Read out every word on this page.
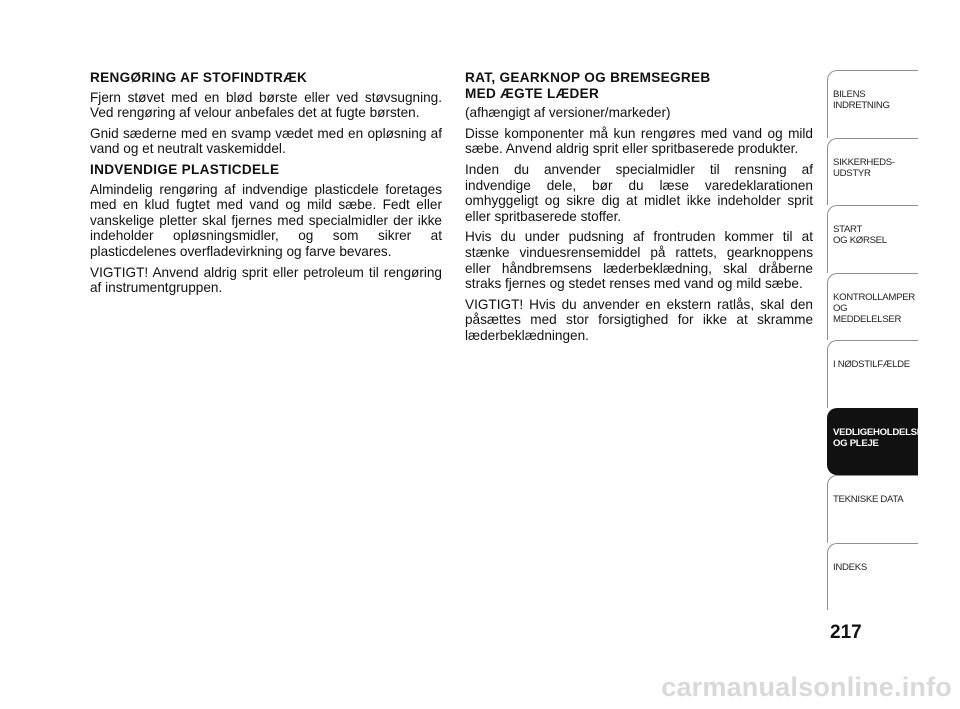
RENGØRING AF STOFINDTRÆK

Fjern støvet med en blød børste eller ved støvsugning. Ved rengøring af velour anbefales det at fugte børsten.

Gnid sæderne med en svamp vædet med en opløsning af vand og et neutralt vaskemiddel.

INDVENDIGE PLASTICDELE

Almindelig rengøring af indvendige plasticdele foretages med en klud fugtet med vand og mild sæbe. Fedt eller vanskelige pletter skal fjernes med specialmidler der ikke indeholder opløsningsmidler, og som sikrer at plasticdelenes overfladevirkning og farve bevares.

VIGTIGT! Anvend aldrig sprit eller petroleum til rengøring af instrumentgruppen.

RAT, GEARKNOP OG BREMSEGREB
MED ÆGTE LÆDER

(afhængigt af versioner/markeder)

Disse komponenter må kun rengøres med vand og mild sæbe. Anvend aldrig sprit eller spritbaserede produkter.

Inden du anvender specialmidler til rensning af indvendige dele, bør du læse varedeklarationen omhyggeligt og sikre dig at midlet ikke indeholder sprit eller spritbaserede stoffer.

Hvis du under pudsning af frontruden kommer til at stænke vinduesrensemiddel på rattets, gearknoppens eller håndbremsens læderbeklædning, skal dråberne straks fjernes og stedet renses med vand og mild sæbe.

VIGTIGT! Hvis du anvender en ekstern ratlås, skal den påsættes med stor forsigtighed for ikke at skramme læderbeklædningen.

BILENS
INDRETNING
SIKKERHEDS-
UDSTYR
START
OG KØRSEL
KONTROLLAMPER
OG MEDDELELSER
I NØDSTILFÆLDE
VEDLIGEHOLDELSE
OG PLEJE
TEKNISKE DATA
INDEKS
217
carmanualsonline.info
